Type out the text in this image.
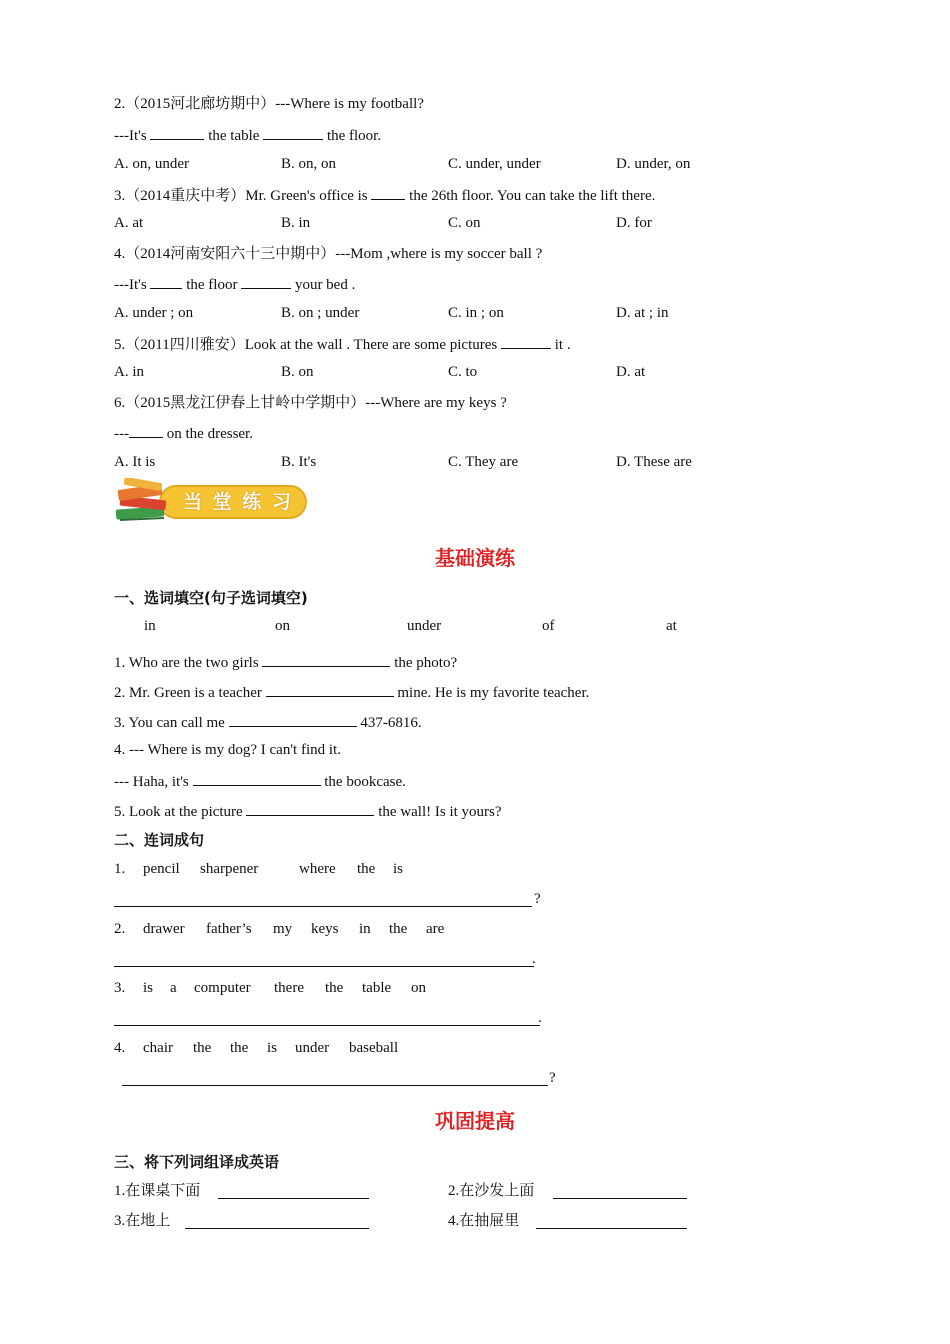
2.（2015河北廊坊期中）---Where is my football?
---It's	the table	the floor.
A. on, under	B. on, on	C. under, under	D. under, on
3.（2014重庆中考）Mr. Green's office is  the 26th floor. You can take the lift there.
A. at	B. in	C. on	D. for
4.（2014河南安阳六十三中期中）---Mom ,where is my soccer ball ?
---It's  the floor	your bed .
A. under ; on	B. on ; under	C. in ; on	D. at ; in
5.（2011四川雅安）Look at the wall . There are some pictures	it .
A. in	B. on	C. to	D. at
6.（2015黑龙江伊春上甘岭中学期中）---Where are my keys ?
--- on the dresser.
A. It is	B. It's	C. They are	D. These are
当 堂 练 习
基础演练
一、选词填空(句子选词填空)
in	on	under	of	at
1. Who are the two girls	the photo?
2. Mr. Green is a teacher	mine. He is my favorite teacher.
3. You can call me	437-6816.
4. --- Where is my dog? I can't find it.
--- Haha, it's	the bookcase.
5. Look at the picture	the wall! Is it yours?
二、连词成句
1. pencil sharpener	where the is
?
2. drawer father’s my keys in the are
.
3. is a computer there the table on
.
4. chair the the is under baseball
?
巩固提高
三、将下列词组译成英语
1.在课桌下面	2.在沙发上面
3.在地上	4.在抽屉里
